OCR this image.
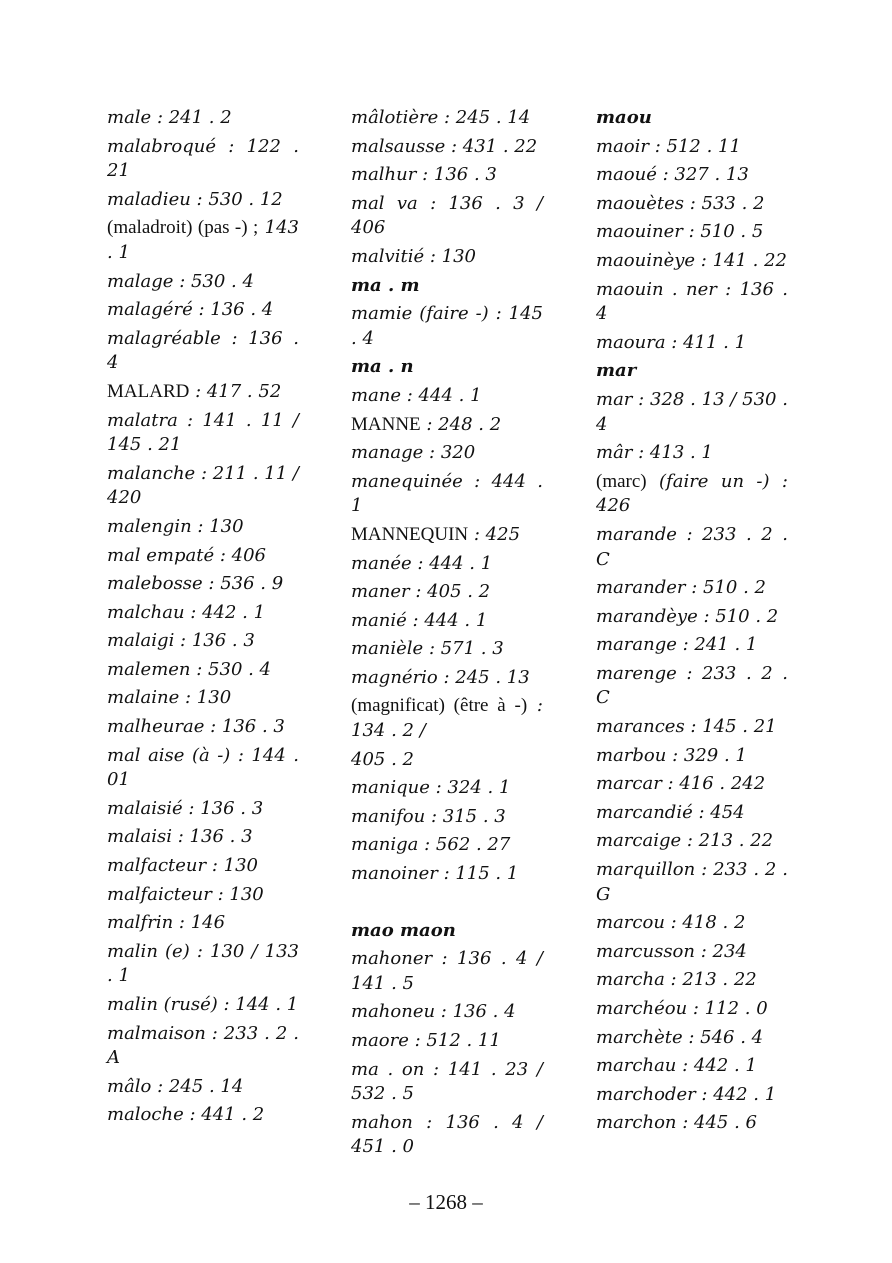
male : 241 . 2
malabroqué : 122 . 21
maladieu : 530 . 12
(maladroit) (pas -) ; 143 . 1
malage : 530 . 4
malagéré : 136 . 4
malagréable : 136 . 4
MALARD : 417 . 52
malatra : 141 . 11 / 145 . 21
malanche : 211 . 11 / 420
malengin : 130
mal empaté : 406
malebosse : 536 . 9
malchau : 442 . 1
malaigi : 136 . 3
malemen : 530 . 4
malaine : 130
malheurae : 136 . 3
mal aise (à -) : 144 . 01
malaisié : 136 . 3
malaisi : 136 . 3
malfacteur : 130
malfaicteur : 130
malfrin : 146
malin (e) : 130 / 133 . 1
malin (rusé) : 144 . 1
malmaison : 233 . 2 . A
mâlo : 245 . 14
maloche : 441 . 2
mâlotière : 245 . 14
malsausse : 431 . 22
malhur : 136 . 3
mal va : 136 . 3 / 406
malvitié : 130
ma . m
mamie (faire -) : 145 . 4
ma . n
mane : 444 . 1
MANNE : 248 . 2
manage : 320
manequinée : 444 . 1
MANNEQUIN : 425
manée : 444 . 1
maner : 405 . 2
manié : 444 . 1
manièle : 571 . 3
magnério : 245 . 13
(magnificat) (être à -) : 134 . 2 /
405 . 2
manique : 324 . 1
manifou : 315 . 3
maniga : 562 . 27
manoiner : 115 . 1
mao maon
mahoner : 136 . 4 / 141 . 5
mahoneu : 136 . 4
maore : 512 . 11
ma . on : 141 . 23 / 532 . 5
mahon : 136 . 4 / 451 . 0
maou
maoir : 512 . 11
maoué : 327 . 13
maouètes : 533 . 2
maouiner : 510 . 5
maouinèye : 141 . 22
maouin . ner : 136 . 4
maoura : 411 . 1
mar
mar : 328 . 13 / 530 . 4
mâr : 413 . 1
(marc) (faire un -) : 426
marande : 233 . 2 . C
marander : 510 . 2
marandèye : 510 . 2
marange : 241 . 1
marenge : 233 . 2 . C
marances : 145 . 21
marbou : 329 . 1
marcar : 416 . 242
marcandié : 454
marcaige : 213 . 22
marquillon : 233 . 2 . G
marcou : 418 . 2
marcusson : 234
marcha : 213 . 22
marchéou : 112 . 0
marchète : 546 . 4
marchau : 442 . 1
marchoder : 442 . 1
marchon : 445 . 6
– 1268 –
